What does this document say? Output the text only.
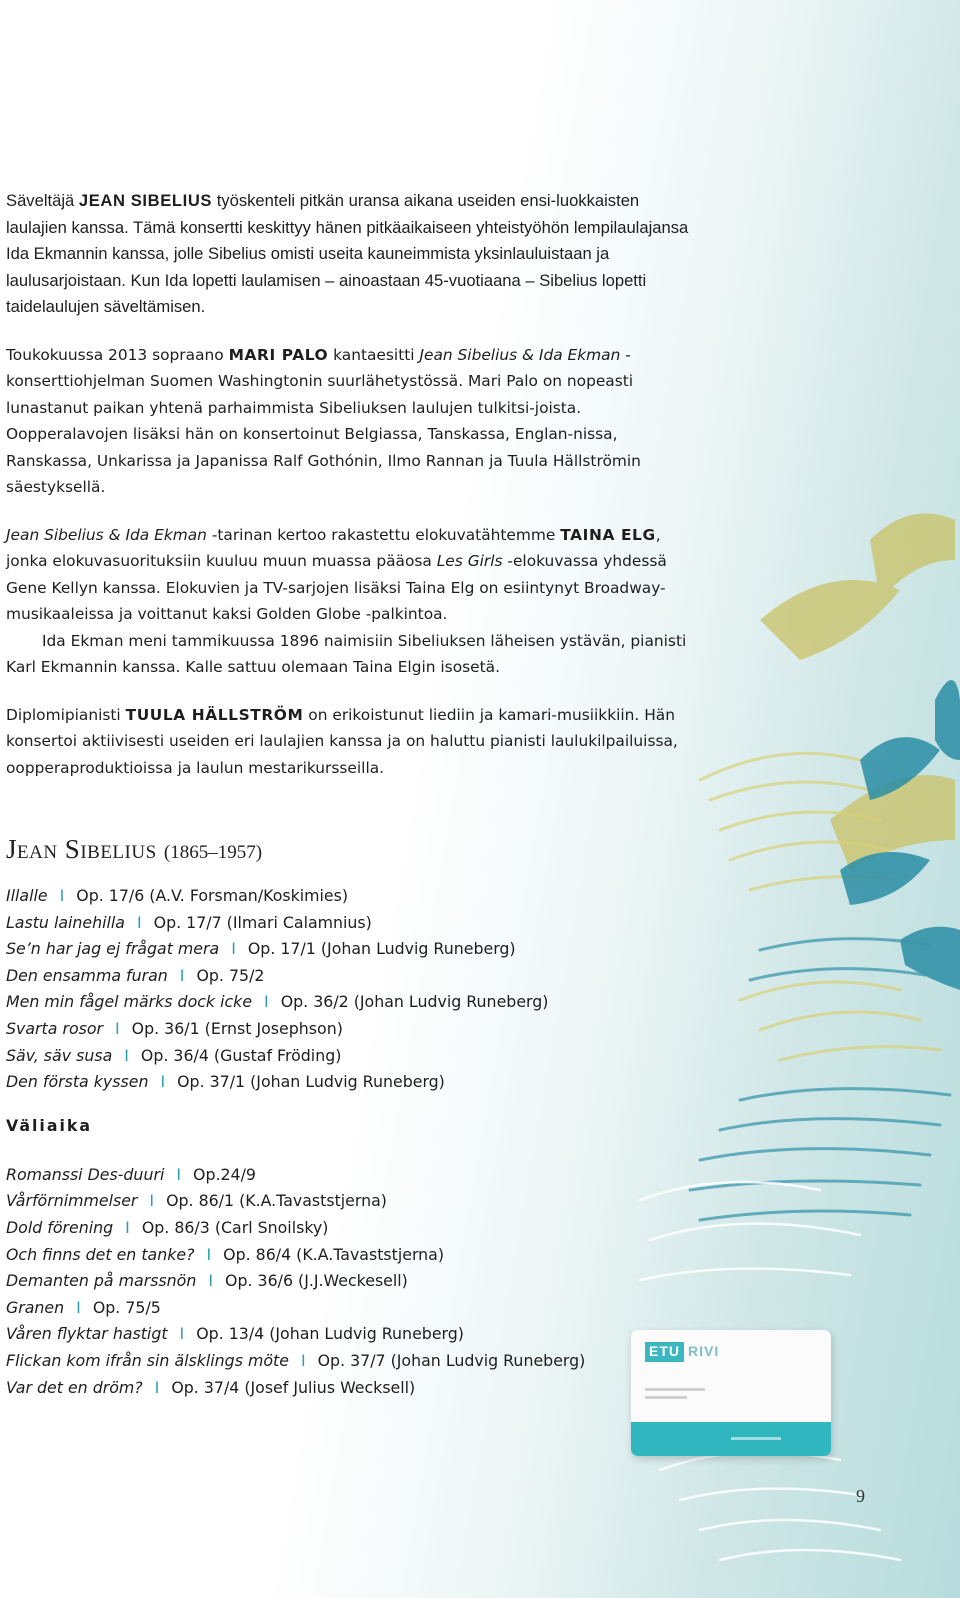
Säveltäjä JEAN SIBELIUS työskenteli pitkän uransa aikana useiden ensi-luokkaisten laulajien kanssa. Tämä konsertti keskittyy hänen pitkäaikaiseen yhteistyöhön lempilaulajansa Ida Ekmannin kanssa, jolle Sibelius omisti useita kauneimmista yksinlauluistaan ja laulusarjoistaan. Kun Ida lopetti laulamisen – ainoastaan 45-vuotiaana – Sibelius lopetti taidelaulujen säveltämisen.

Toukokuussa 2013 sopraano MARI PALO kantaesitti Jean Sibelius & Ida Ekman -konserttiohjelman Suomen Washingtonin suurlähetystössä. Mari Palo on nopeasti lunastanut paikan yhtenä parhaimmista Sibeliuksen laulujen tulkitsi-joista. Oopperalavojen lisäksi hän on konsertoinut Belgiassa, Tanskassa, Englan-nissa, Ranskassa, Unkarissa ja Japanissa Ralf Gothónin, Ilmo Rannan ja Tuula Hällströmin säestyksellä.

Jean Sibelius & Ida Ekman -tarinan kertoo rakastettu elokuvatähtemme TAINA ELG, jonka elokuvasuorituksiin kuuluu muun muassa pääosa Les Girls -elokuvassa yhdessä Gene Kellyn kanssa. Elokuvien ja TV-sarjojen lisäksi Taina Elg on esiintynyt Broadway-musikaaleissa ja voittanut kaksi Golden Globe -palkintoa.

Ida Ekman meni tammikuussa 1896 naimisiin Sibeliuksen läheisen ystävän, pianisti Karl Ekmannin kanssa. Kalle sattuu olemaan Taina Elgin isosetä.

Diplomipianisti TUULA HÄLLSTRÖM on erikoistunut liediin ja kamari-musiikkiin. Hän konsertoi aktiivisesti useiden eri laulajien kanssa ja on haluttu pianisti laulukilpailuissa, oopperaproduktioissa ja laulun mestarikursseilla.

Jean Sibelius (1865–1957)
Illalle I Op. 17/6 (A.V. Forsman/Koskimies)
Lastu lainehilla I Op. 17/7 (Ilmari Calamnius)
Se’n har jag ej frågat mera I Op. 17/1 (Johan Ludvig Runeberg)
Den ensamma furan I Op. 75/2
Men min fågel märks dock icke I Op. 36/2 (Johan Ludvig Runeberg)
Svarta rosor I Op. 36/1 (Ernst Josephson)
Säv, säv susa I Op. 36/4 (Gustaf Fröding)
Den första kyssen I Op. 37/1 (Johan Ludvig Runeberg)
Väliaika
Romanssi Des-duuri I Op.24/9
Vårförnimmelser I Op. 86/1 (K.A.Tavaststjerna)
Dold förening I Op. 86/3 (Carl Snoilsky)
Och finns det en tanke? I Op. 86/4 (K.A.Tavaststjerna)
Demanten på marssnön I Op. 36/6 (J.J.Weckesell)
Granen I Op. 75/5
Våren flyktar hastigt I Op. 13/4 (Johan Ludvig Runeberg)
Flickan kom ifrån sin älsklings möte I Op. 37/7 (Johan Ludvig Runeberg)
Var det en dröm? I Op. 37/4 (Josef Julius Wecksell)
ETU RIVI
9
